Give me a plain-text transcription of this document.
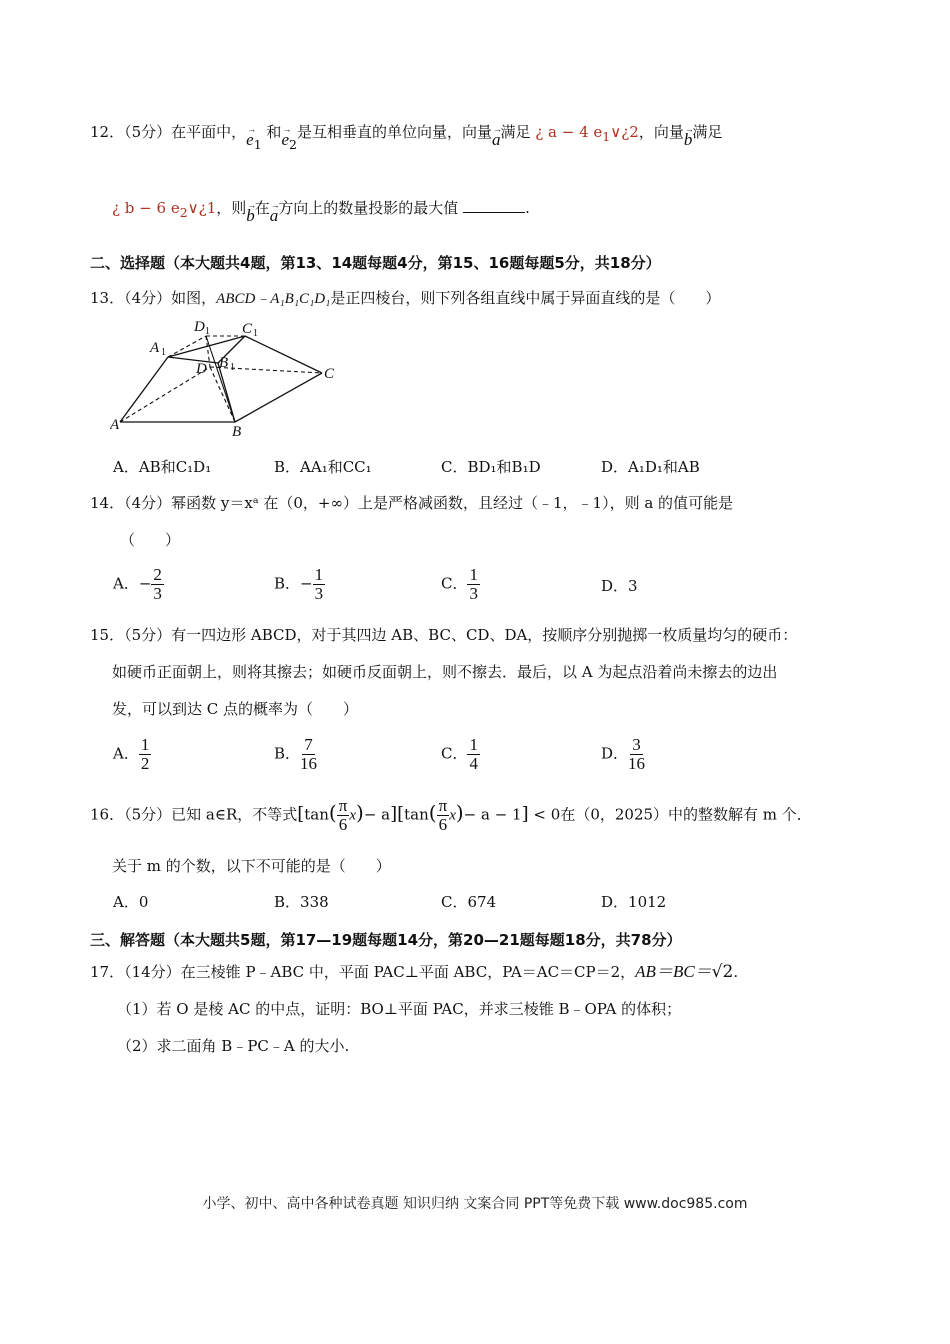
12．（5分）在平面中，→ $e_1$ 和→ $e_2$是互相垂直的单位向量，向量→ a满足 ¿ a − 4 $e_1\vee¿2$，向量→ b满足
¿ b − 6 $e_2\vee¿1$，则→ b在→ a方向上的数量投影的最大值	.
二、选择题（本大题共4题，第13、14题每题4分，第15、16题每题5分，共18分）
13．（4分）如图，ABCD﹣A₁B₁C₁D₁是正四棱台，则下列各组直线中属于异面直线的是（　　）
A	B
C
D
A 1
B 1
C 1
D 1
A．AB和C₁D₁	B．AA₁和CC₁	C．BD₁和B₁D	D．A₁D₁和AB
14．（4分）幂函数 y＝xᵃ 在（0，+∞）上是严格减函数，且经过（﹣1，﹣1），则 a 的值可能是
（　　）
A．− $\frac{2}{3}$	B．− $\frac{1}{3}$	C． $\frac{1}{3}$	D．3
15．（5分）有一四边形 ABCD，对于其四边 AB、BC、CD、DA，按顺序分别抛掷一枚质量均匀的硬币：
如硬币正面朝上，则将其擦去；如硬币反面朝上，则不擦去．最后，以 A 为起点沿着尚未擦去的边出
发，可以到达 C 点的概率为（　　）
A． $\frac{1}{2}$	B． $\frac{7}{16}$	C． $\frac{1}{4}$	D． $\frac{3}{16}$
16．（5分）已知 a∈R，不等式$[\tan( \frac{\pi}{6} x)- a][\tan( \frac{\pi}{6} x)- a - 1] < 0$在（0，2025）中的整数解有 m 个．
关于 m 的个数，以下不可能的是（　　）
A．0	B．338	C．674	D．1012
三、解答题（本大题共5题，第17—19题每题14分，第20—21题每题18分，共78分）
17．（14分）在三棱锥 P﹣ABC 中，平面 PAC⊥平面 ABC，PA＝AC＝CP＝2，AB＝BC＝√2.
（1）若 O 是棱 AC 的中点，证明：BO⊥平面 PAC，并求三棱锥 B﹣OPA 的体积；
（2）求二面角 B﹣PC﹣A 的大小.
小学、初中、高中各种试卷真题 知识归纳 文案合同 PPT等免费下载 www.doc985.com
